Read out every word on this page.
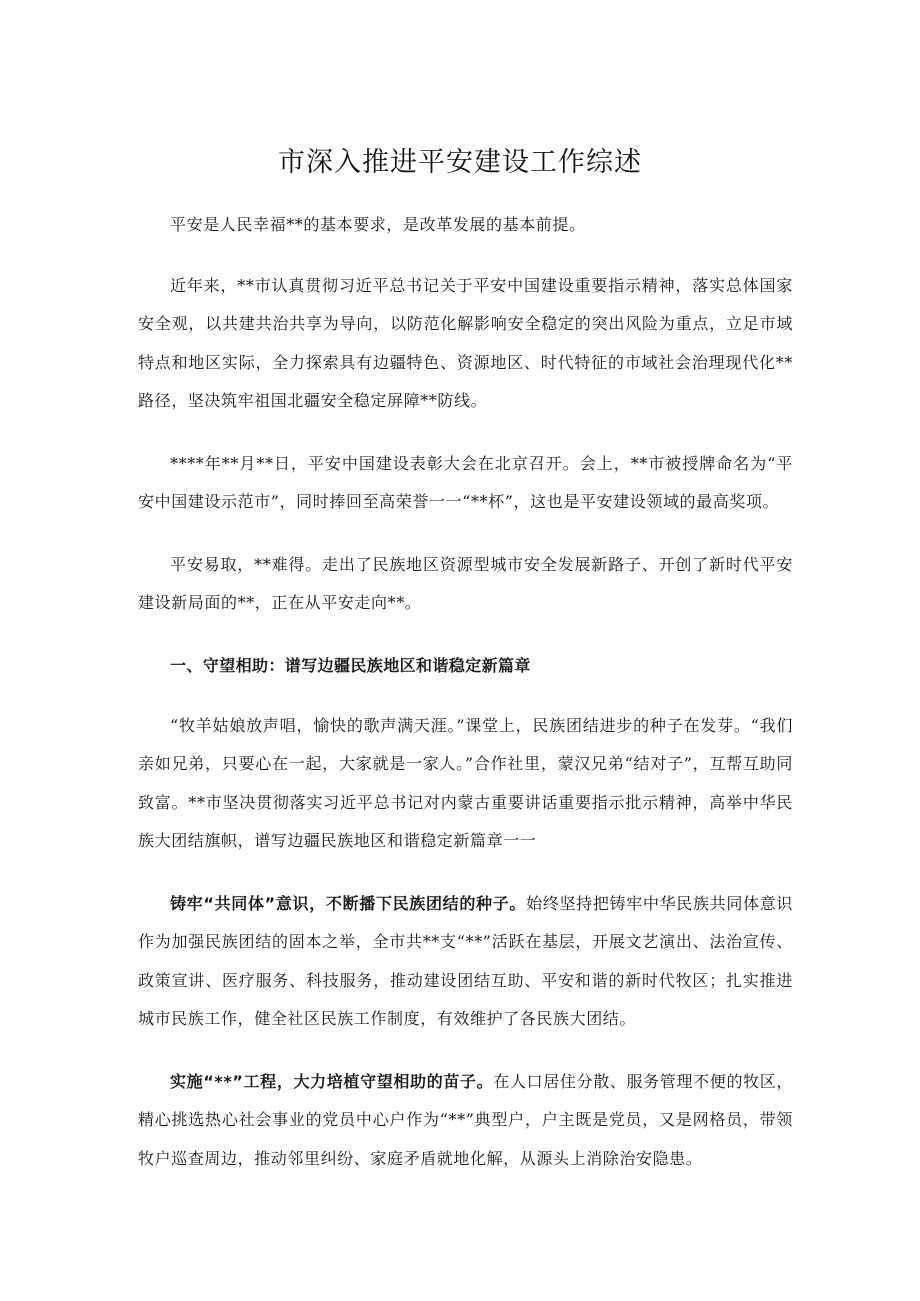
市深入推进平安建设工作综述

平安是人民幸福**的基本要求，是改革发展的基本前提。

近年来，**市认真贯彻习近平总书记关于平安中国建设重要指示精神，落实总体国家安全观，以共建共治共享为导向，以防范化解影响安全稳定的突出风险为重点，立足市域特点和地区实际，全力探索具有边疆特色、资源地区、时代特征的市域社会治理现代化**路径，坚决筑牢祖国北疆安全稳定屏障**防线。

****年**月**日，平安中国建设表彰大会在北京召开。会上，**市被授牌命名为“平安中国建设示范市”，同时捧回至高荣誉一一“**杯”，这也是平安建设领域的最高奖项。

平安易取，**难得。走出了民族地区资源型城市安全发展新路子、开创了新时代平安建设新局面的**，正在从平安走向**。

一、守望相助：谱写边疆民族地区和谐稳定新篇章

“牧羊姑娘放声唱，愉快的歌声满天涯。”课堂上，民族团结进步的种子在发芽。“我们亲如兄弟，只要心在一起，大家就是一家人。”合作社里，蒙汉兄弟“结对子”，互帮互助同致富。**市坚决贯彻落实习近平总书记对内蒙古重要讲话重要指示批示精神，高举中华民族大团结旗帜，谱写边疆民族地区和谐稳定新篇章一一

铸牢“共同体”意识，不断播下民族团结的种子。始终坚持把铸牢中华民族共同体意识作为加强民族团结的固本之举，全市共**支“**”活跃在基层，开展文艺演出、法治宣传、政策宣讲、医疗服务、科技服务，推动建设团结互助、平安和谐的新时代牧区；扎实推进城市民族工作，健全社区民族工作制度，有效维护了各民族大团结。

实施“**”工程，大力培植守望相助的苗子。在人口居住分散、服务管理不便的牧区，精心挑选热心社会事业的党员中心户作为“**”典型户，户主既是党员，又是网格员，带领牧户巡查周边，推动邻里纠纷、家庭矛盾就地化解，从源头上消除治安隐患。
